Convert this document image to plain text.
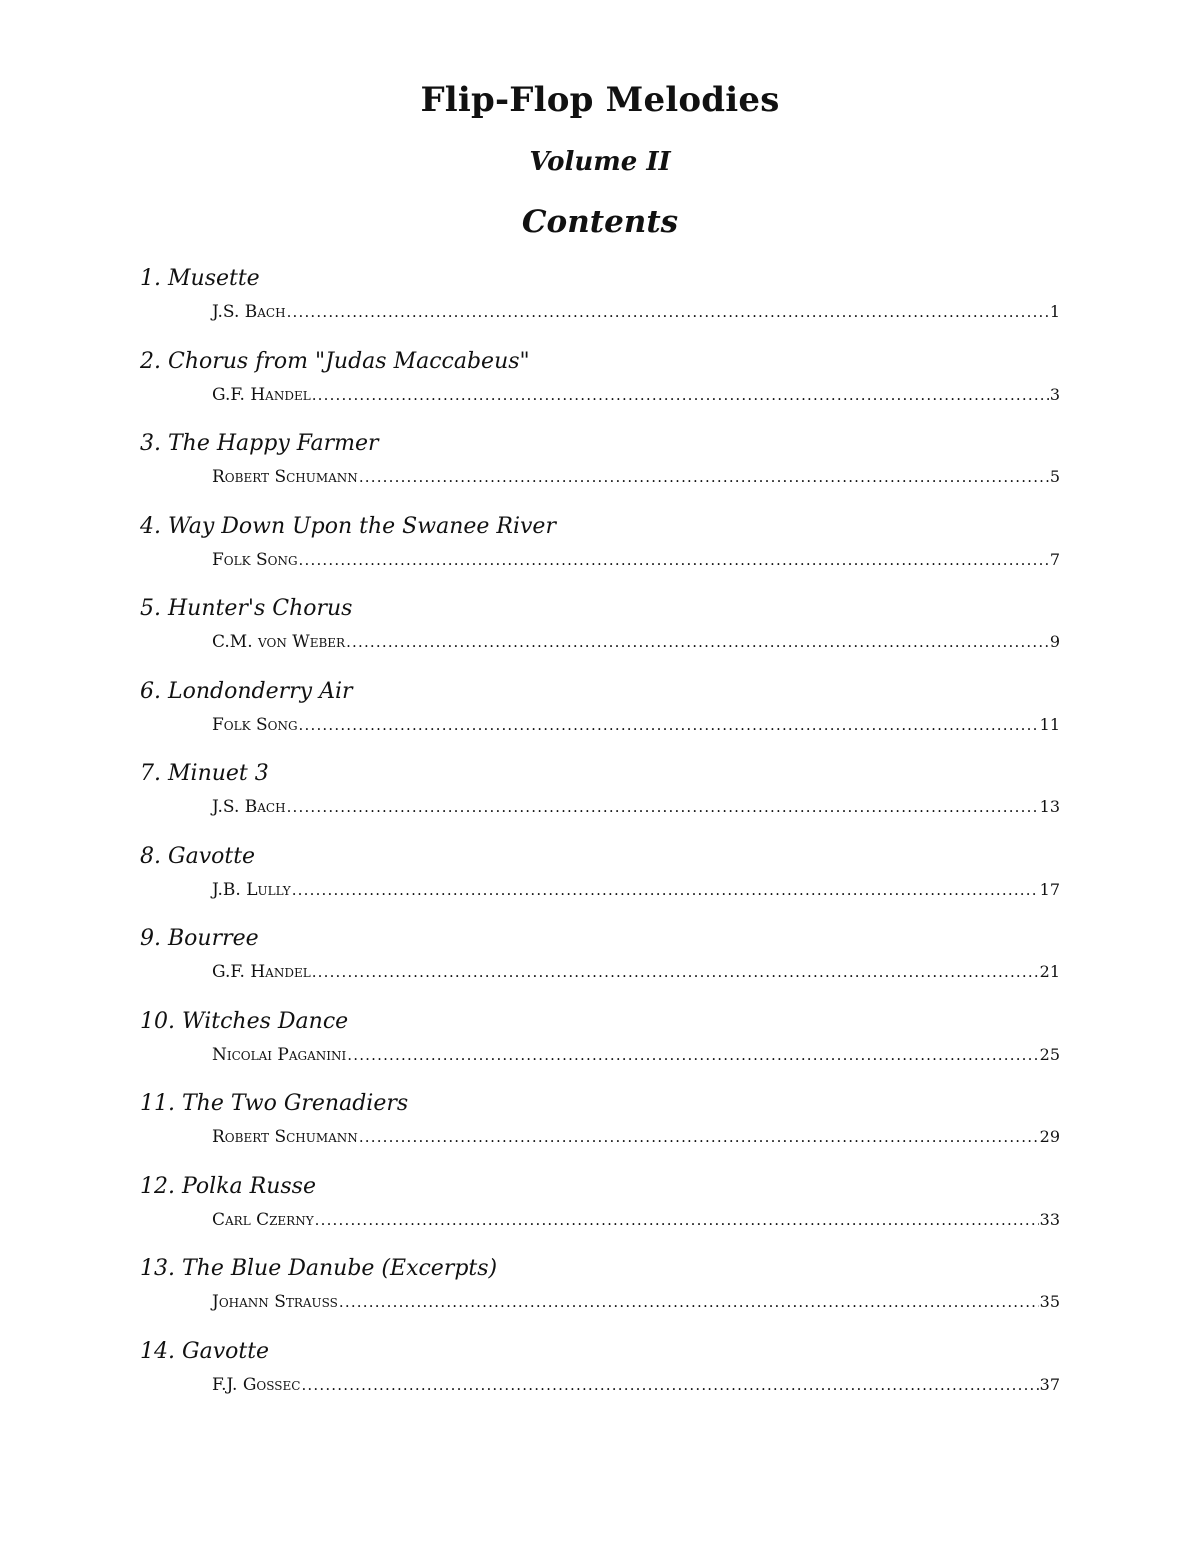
Flip-Flop Melodies
Volume II
Contents
1. Musette
J.S. Bach .....	1
2. Chorus from "Judas Maccabeus"
G.F. Handel .....	3
3. The Happy Farmer
Robert Schumann .....	5
4. Way Down Upon the Swanee River
Folk Song .....	7
5. Hunter's Chorus
C.M. von Weber .....	9
6. Londonderry Air
Folk Song .....	11
7. Minuet 3
J.S. Bach .....	13
8. Gavotte
J.B. Lully .....	17
9. Bourree
G.F. Handel .....	21
10. Witches Dance
Nicolai Paganini .....	25
11. The Two Grenadiers
Robert Schumann .....	29
12. Polka Russe
Carl Czerny .....	33
13. The Blue Danube (Excerpts)
Johann Strauss .....	35
14. Gavotte
F.J. Gossec .....	37
